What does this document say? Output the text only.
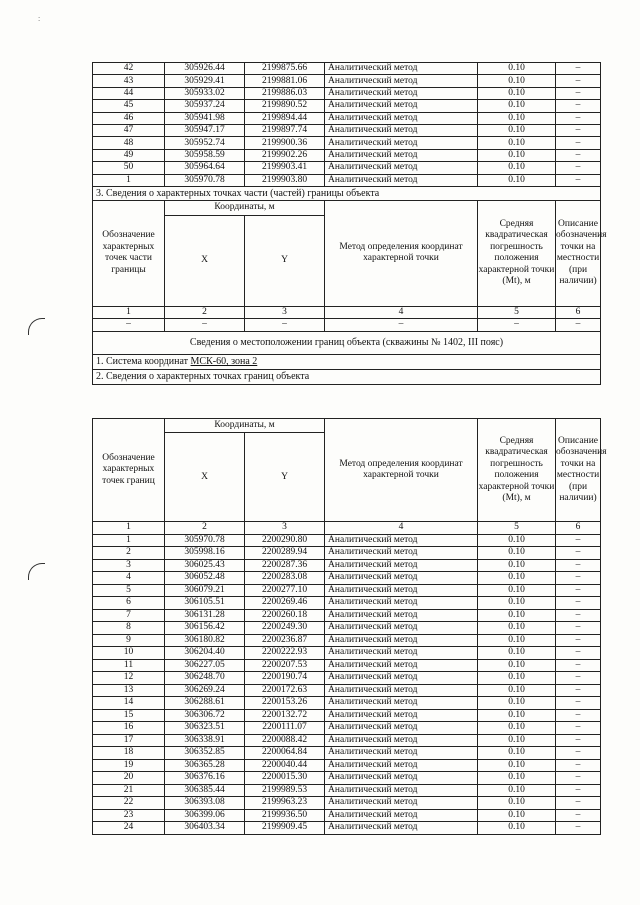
:
42	305926.44	2199875.66	Аналитический метод	0.10	–
43	305929.41	2199881.06	Аналитический метод	0.10	–
44	305933.02	2199886.03	Аналитический метод	0.10	–
45	305937.24	2199890.52	Аналитический метод	0.10	–
46	305941.98	2199894.44	Аналитический метод	0.10	–
47	305947.17	2199897.74	Аналитический метод	0.10	–
48	305952.74	2199900.36	Аналитический метод	0.10	–
49	305958.59	2199902.26	Аналитический метод	0.10	–
50	305964.64	2199903.41	Аналитический метод	0.10	–
1	305970.78	2199903.80	Аналитический метод	0.10	–
3. Сведения о характерных точках части (частей) границы объекта					
Обозначение характерных точек части границы	Координаты, м		Метод определения координат характерной точки	Средняя квадратическая погрешность положения характерной точки (Mt), м	Описание обозначения точки на местности (при наличии)
	X	Y			
1	2	3	4	5	6
–	–	–	–	–	–
Сведения о местоположении границ объекта (скважины № 1402, III пояс)					
1. Система координат МСК-60, зона 2					
2. Сведения о характерных точках границ объекта					
Обозначение характерных точек границ	Координаты, м		Метод определения координат характерной точки	Средняя квадратическая погрешность положения характерной точки (Mt), м	Описание обозначения точки на местности (при наличии)
	X	Y			
1	2	3	4	5	6
1	305970.78	2200290.80	Аналитический метод	0.10	–
2	305998.16	2200289.94	Аналитический метод	0.10	–
3	306025.43	2200287.36	Аналитический метод	0.10	–
4	306052.48	2200283.08	Аналитический метод	0.10	–
5	306079.21	2200277.10	Аналитический метод	0.10	–
6	306105.51	2200269.46	Аналитический метод	0.10	–
7	306131.28	2200260.18	Аналитический метод	0.10	–
8	306156.42	2200249.30	Аналитический метод	0.10	–
9	306180.82	2200236.87	Аналитический метод	0.10	–
10	306204.40	2200222.93	Аналитический метод	0.10	–
11	306227.05	2200207.53	Аналитический метод	0.10	–
12	306248.70	2200190.74	Аналитический метод	0.10	–
13	306269.24	2200172.63	Аналитический метод	0.10	–
14	306288.61	2200153.26	Аналитический метод	0.10	–
15	306306.72	2200132.72	Аналитический метод	0.10	–
16	306323.51	2200111.07	Аналитический метод	0.10	–
17	306338.91	2200088.42	Аналитический метод	0.10	–
18	306352.85	2200064.84	Аналитический метод	0.10	–
19	306365.28	2200040.44	Аналитический метод	0.10	–
20	306376.16	2200015.30	Аналитический метод	0.10	–
21	306385.44	2199989.53	Аналитический метод	0.10	–
22	306393.08	2199963.23	Аналитический метод	0.10	–
23	306399.06	2199936.50	Аналитический метод	0.10	–
24	306403.34	2199909.45	Аналитический метод	0.10	–
